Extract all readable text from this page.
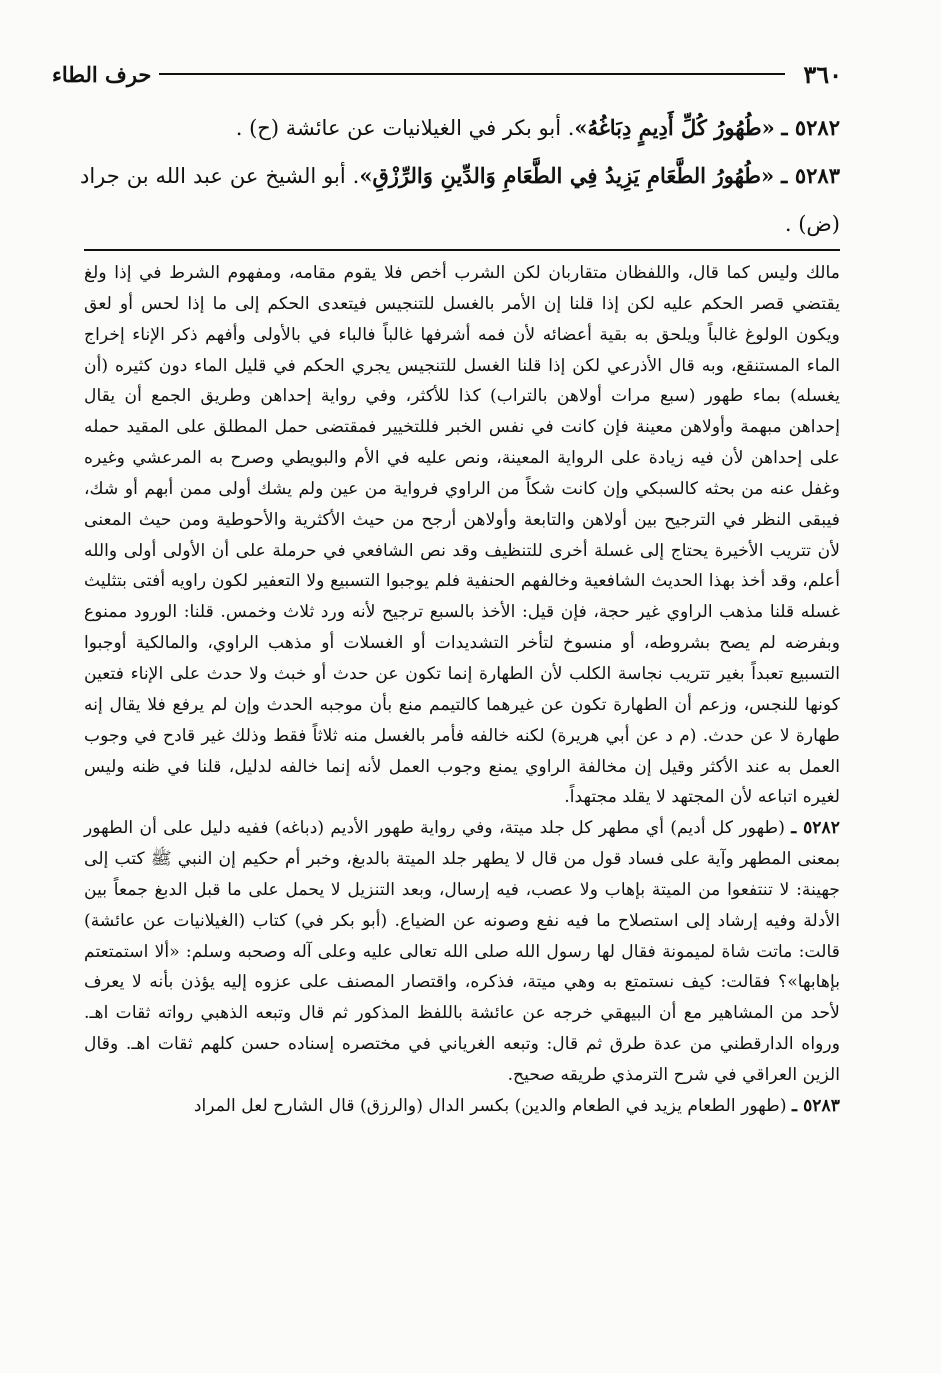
٣٦٠
حرف الطاء

٥٢٨٢ ـ «طُهُورُ كُلِّ أَدِيمٍ دِبَاغُهُ». أبو بكر في الغيلانيات عن عائشة (ح) .

٥٢٨٣ ـ «طُهُورُ الطَّعَامِ يَزِيدُ فِي الطَّعَامِ وَالدِّينِ وَالرِّزْقِ». أبو الشيخ عن عبد الله بن جراد (ض) .

مالك وليس كما قال، واللفظان متقاربان لكن الشرب أخص فلا يقوم مقامه، ومفهوم الشرط في إذا ولغ يقتضي قصر الحكم عليه لكن إذا قلنا إن الأمر بالغسل للتنجيس فيتعدى الحكم إلى ما إذا لحس أو لعق ويكون الولوغ غالباً ويلحق به بقية أعضائه لأن فمه أشرفها غالباً فالباء في بالأولى وأفهم ذكر الإناء إخراج الماء المستنقع، وبه قال الأذرعي لكن إذا قلنا الغسل للتنجيس يجري الحكم في قليل الماء دون كثيره (أن يغسله) بماء طهور (سبع مرات أولاهن بالتراب) كذا للأكثر، وفي رواية إحداهن وطريق الجمع أن يقال إحداهن مبهمة وأولاهن معينة فإن كانت في نفس الخبر فللتخيير فمقتضى حمل المطلق على المقيد حمله على إحداهن لأن فيه زيادة على الرواية المعينة، ونص عليه في الأم والبويطي وصرح به المرعشي وغيره وغفل عنه من بحثه كالسبكي وإن كانت شكاً من الراوي فرواية من عين ولم يشك أولى ممن أبهم أو شك، فيبقى النظر في الترجيح بين أولاهن والتابعة وأولاهن أرجح من حيث الأكثرية والأحوطية ومن حيث المعنى لأن تتريب الأخيرة يحتاج إلى غسلة أخرى للتنظيف وقد نص الشافعي في حرملة على أن الأولى أولى والله أعلم، وقد أخذ بهذا الحديث الشافعية وخالفهم الحنفية فلم يوجبوا التسبيع ولا التعفير لكون راويه أفتى بتثليث غسله قلنا مذهب الراوي غير حجة، فإن قيل: الأخذ بالسبع ترجيح لأنه ورد ثلاث وخمس. قلنا: الورود ممنوع وبفرضه لم يصح بشروطه، أو منسوخ لتأخر التشديدات أو الغسلات أو مذهب الراوي، والمالكية أوجبوا التسبيع تعبداً بغير تتريب نجاسة الكلب لأن الطهارة إنما تكون عن حدث أو خبث ولا حدث على الإناء فتعين كونها للنجس، وزعم أن الطهارة تكون عن غيرهما كالتيمم منع بأن موجبه الحدث وإن لم يرفع فلا يقال إنه طهارة لا عن حدث. (م د عن أبي هريرة) لكنه خالفه فأمر بالغسل منه ثلاثاً فقط وذلك غير قادح في وجوب العمل به عند الأكثر وقيل إن مخالفة الراوي يمنع وجوب العمل لأنه إنما خالفه لدليل، قلنا في ظنه وليس لغيره اتباعه لأن المجتهد لا يقلد مجتهداً.

٥٢٨٢ ـ (طهور كل أديم) أي مطهر كل جلد ميتة، وفي رواية طهور الأديم (دباغه) ففيه دليل على أن الطهور بمعنى المطهر وآية على فساد قول من قال لا يطهر جلد الميتة بالدبغ، وخبر أم حكيم إن النبي ﷺ كتب إلى جهينة: لا تنتفعوا من الميتة بإهاب ولا عصب، فيه إرسال، وبعد التنزيل لا يحمل على ما قبل الدبغ جمعاً بين الأدلة وفيه إرشاد إلى استصلاح ما فيه نفع وصونه عن الضياع. (أبو بكر في) كتاب (الغيلانيات عن عائشة) قالت: ماتت شاة لميمونة فقال لها رسول الله صلى الله تعالى عليه وعلى آله وصحبه وسلم: «ألا استمتعتم بإهابها»؟ فقالت: كيف نستمتع به وهي ميتة، فذكره، واقتصار المصنف على عزوه إليه يؤذن بأنه لا يعرف لأحد من المشاهير مع أن البيهقي خرجه عن عائشة باللفظ المذكور ثم قال وتبعه الذهبي رواته ثقات اهـ. ورواه الدارقطني من عدة طرق ثم قال: وتبعه الغرياني في مختصره إسناده حسن كلهم ثقات اهـ. وقال الزين العراقي في شرح الترمذي طريقه صحيح.

٥٢٨٣ ـ (طهور الطعام يزيد في الطعام والدين) بكسر الدال (والرزق) قال الشارح لعل المراد
